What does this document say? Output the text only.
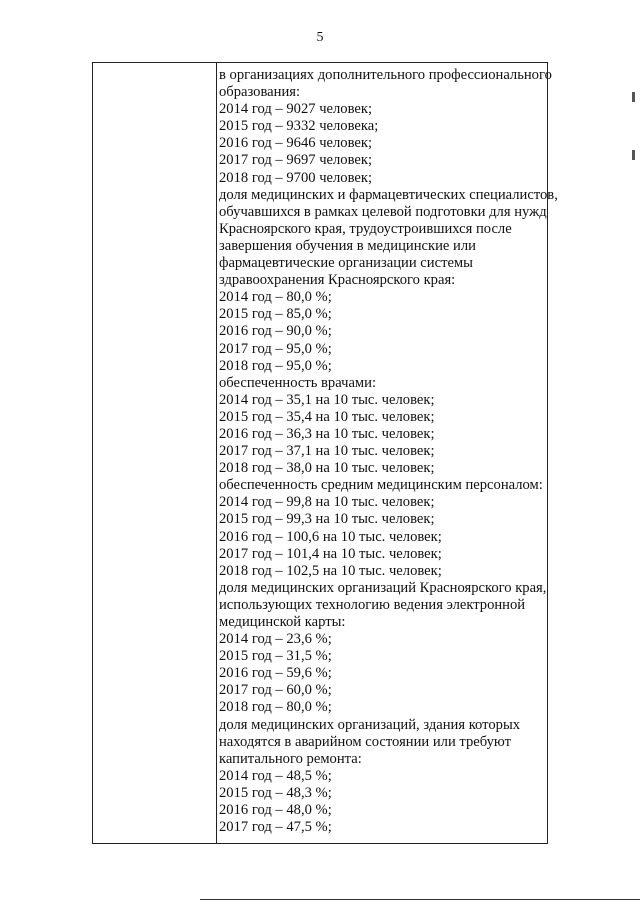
5
в организациях дополнительного профессионального
образования:
2014 год – 9027 человек;
2015 год – 9332 человека;
2016 год – 9646 человек;
2017 год – 9697 человек;
2018 год – 9700 человек;
доля медицинских и фармацевтических специалистов,
обучавшихся в рамках целевой подготовки для нужд
Красноярского края, трудоустроившихся после
завершения обучения в медицинские или
фармацевтические организации системы
здравоохранения Красноярского края:
2014 год – 80,0 %;
2015 год – 85,0 %;
2016 год – 90,0 %;
2017 год – 95,0 %;
2018 год – 95,0 %;
обеспеченность врачами:
2014 год – 35,1 на 10 тыс. человек;
2015 год – 35,4 на 10 тыс. человек;
2016 год – 36,3 на 10 тыс. человек;
2017 год – 37,1 на 10 тыс. человек;
2018 год – 38,0 на 10 тыс. человек;
обеспеченность средним медицинским персоналом:
2014 год – 99,8 на 10 тыс. человек;
2015 год – 99,3 на 10 тыс. человек;
2016 год – 100,6 на 10 тыс. человек;
2017 год – 101,4 на 10 тыс. человек;
2018 год – 102,5 на 10 тыс. человек;
доля медицинских организаций Красноярского края,
использующих технологию ведения электронной
медицинской карты:
2014 год – 23,6 %;
2015 год – 31,5 %;
2016 год – 59,6 %;
2017 год – 60,0 %;
2018 год – 80,0 %;
доля медицинских организаций, здания которых
находятся в аварийном состоянии или требуют
капитального ремонта:
2014 год – 48,5 %;
2015 год – 48,3 %;
2016 год – 48,0 %;
2017 год – 47,5 %;
